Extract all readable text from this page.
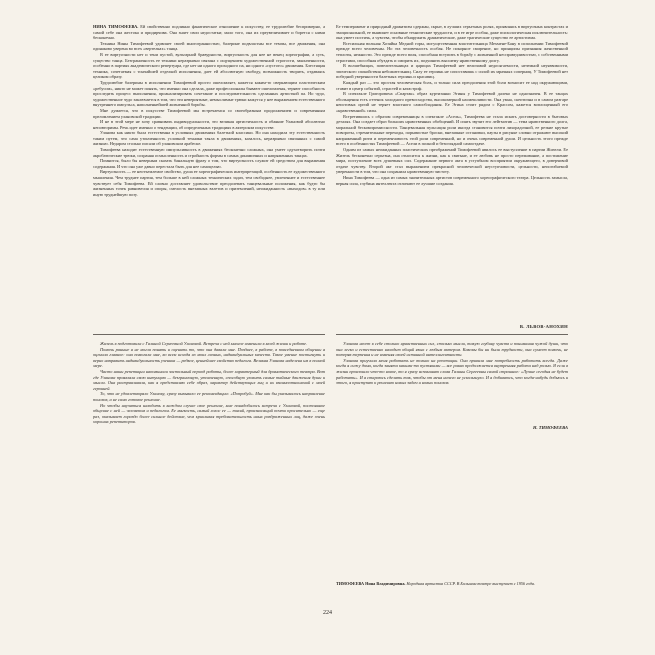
НИНА ТИМОФЕЕВА. Ей свойственно подлинно фанатическое отношение к искусству, ее трудолюбие беспримерно, а самой себе она жестока и придирчива. Она знает свои недостатки; мало того, она их преувеличивает и борется с ними бесконечно.

Техника Нины Тимофеевой удивляет своей многогранностью, балерине подвластны все темпы, все движения, она одинаково уверена во всех «вертелках» танца.

В ее виртуозности нет и тени пустой, вульгарной бравурности, виртуозность для нее не венец хореографии, а суть, существо танца. Безграничность ее техники неразрывно связана с ощущением художественной строгости, законченности, особенно в партиях академического репертуара, где нет ни одного проходного па, ни одного «пустого» движения. Блестящая техника, сочетаемая с тончайшей отделкой исполнения, дает ей абсолютную свободу, возможность творить, отдаваясь целиком образу.

Трудолюбие балерины в исполнении Тимофеевой просто ошеломляет, кажется каким-то сверкающим пластическим «ребусом», никто не может понять, что именно она сделала, даже профессионалы бывают ошеломлены, теряют способность проследить процесс выполнения, проанализировать сочетание и последовательность сделанных артисткой па. Но чудо, художественное чудо заключается в том, что эти невероятные, немыслимые трюки кажутся у нее выражением естественного внутреннего импульса, наполненнейшей жизненной борьбы.

Мне думается, что в искусстве Тимофеевой мы встречаемся со своеобразным продолжением и современным преломлением улановской традиции.

И не в этой мере не хочу сравнивать индивидуальности, это великая артистичность и обаяние Улановой абсолютно неповторимы. Речь идет именно о тенденции, об определенных традициях в актерском искусстве.

Уланова как никто была естественна в условных движениях балетной классики. Но она находила эту естественность таким путем, что сама утонченность условной техники таяла в движениях, казалось, неразрывно связанных с самой жизнью. Недаром столько писали об улановском арабеске.

Тимофеева находит естественную импульсивность в движениях бесконечно сложных, она умеет одухотворить почти акробатические трюки, сохраняя осмысленность и стройность формы в самых динамичных и напряженных танцах.

Помнится, было бы неверным сказать банальную фразу о том, что виртуозность служит ей средством для выражения содержания. И что она уже давно перестала быть для нее самоцелью.

Виртуозность — ее неотъемлемое свойство, душа ее хореографических интерпретаций, особенность ее художественного мышления. Чем труднее партия, тем больше в ней сложных технических задач, тем свободнее, увлеченнее и естественнее чувствует себя Тимофеева. Ей словно доставляет удовольствие преодолевать танцевальные положения, как будто бы жизненных точек равновесия и опоры, смелость внезапных взлетов и приземлений, неожиданность «выходов» в ту или иную труднейшую позу.

Ее темперамент и природный драматизм сдержан, скрыт, в лучших серьезных ролях, проявляясь в виртуозных контрастах и эмоциональной, ее выявляет основные технические трудности, и в ее игре особая, даже психологическая исключительность: она умеет постичь, а чувства, чтобы обнаружить драматические, даже трагические существо ее артистизма.

Всесильная вольная Хозяйка Медной горы, могущественная властительница Мехмене-Бану в исполнении Тимофеевой прежде всего человечны. Но эта человечность особая. Не покорное смирение, но принципы признания женственной теплоты, нежности. Это прежде всего воля, способная вступить в борьбу с жизненной несправедливостью, с собственными страстями, способная обуздать и смирить их, подчинить высшему нравственному долгу.

В волшебницах, повелительницах и царицах Тимофеевой нет величавой недосягаемости, неземной неуязвимости, эпического спокойствия небожительниц. Силу ее героинь не сопоставишь с силой их мрачных соперниц. У Тимофеевой нет победной уверенности балетных героинь и красавиц.

Каждый раз — это простая человеческая боль, и только сила преодоления этой боли возносит ее над окружающими, ставит в центр событий, страстей и катастроф.

В спектакле Григоровича «Спартак» образ куртизанки Эгины у Тимофеевой далеко не однозначен. В ее танцах обольщения есть оттенок холодного превосходства, высокомерной насмешливости. Она умна, скептична и в самом разгаре неистовых оргий не теряет властного самообладания. Ее Эгина стоит рядом с Крассом, кажется воплощенный его «нравственной» силы.

Встретившись с образом современницы в спектакле «Асель», Тимофеева не стала искать достоверности в бытовых деталях. Она создает образ больших нравственных обобщений. И опять звучит его лейтмотив — тема нравственного долга, моральной бескомпромиссности. Танцевальная пульсация роли иногда становится почти лихорадочной, ее резкие крутые повороты, стремительные переходы, порывистые броски, внезапные остановки, паузы в рисунке словно отражают высокий напряженный ритм и переменчивость этой роли современной, но и очень современной души. И цельность этого прежде всего в особенностях Тимофеевой — Асели в полной и безоглядной самоотдаче.

Одним из самых неожиданных пластических преображений Тимофеевой явилось ее выступление в партии Жизели. Ее Жизель бесконечно серьезна, она относится к жизни, как к святыне, и ее любовь не просто переживание, а постижение мира, поступление всех душевных сил. Содержание первого акта в уступбном восприятии окружающего, в доверчивой отдаче чувству. Второй акт стал выражением прекрасной человеческой неуступчивости, цельности, непогибаемой уверенности в том, что она сохранила нравственную чистоту.

Нина Тимофеева — одна из самых значительных артистов современного хореографического театра. Цельность замысла, верная сила, глубина интеллекта отличают ее лучшие создания.

В. ЛЬВОВ-АНОХИН

Жизель в подготовила с Галиной Сергеевной Улановой. Встреча с ней многое изменила в моей жизни и работе.

Помочь раньше я не могла понять и оценить то, что она давала мне. Позднее, в работе, в повседневном общении я оценила главное: она помогала мне, во всем исходя из моих личных, индивидуальных качеств. Такое умение постигнуть и верно направить индивидуальность ученика — редкое, ценнейшее свойство педагога. Великая Уланова наделена им в полной мере.

Часто наши репетиции напоминали застольный период работы, более характерный для драматического театра. Вот где Уланова проявляла свою интуицию — безграничную, утонченную, способную уловить самые тайные движения души и мысли. Она растравливала, как я представляю себе образ, характер действующих лиц и их взаимоотношений с моей героиней.

То, что не удовлетворяло Уланову, сразу вызывало ее рекомендации: «Попробуй». Мне как бы указывалось направление поисков, а не само готовое решение.

Но чтобы научаться находить в каждом случае свое решение, мне понадобилось встреча с Улановой, постоянное общение с ней — человеком и педагогом. Ее мягкость, самый голос ее — тихий, произносящий почти просительно — еще раз, оказывает гораздо более сильное действие, чем крикливая требовательность иных раздраженных лиц, даже очень хороших репетиторов.

Уланова несет в себе столько нравственных сил, столько мысли, такую глубину чувств и понимания чужой души, что она легко и естественно находит общий язык с любым актером. Каковы бы ни были трудности, она сумеет помочь, не потеряв терпения и не изменяя своей истинной интеллигентности.

Уланова приучила меня работать не только на репетиции. Она привила мне потребность работать всегда. Даже когда я сижу дома, когда занята какими-то пустяками — все равно продолжается внутренняя работа над ролью. Я если в жизни произошло что-то новое, то я сразу вспоминаю слова Галины Сергеевны самой страшное: «Лучше сегодня не будет работать». И я стараюсь сделать так, чтобы от меня ничего не ускользнуло. И я добиваюсь, что когда-нибудь добьюсь и этого, я приступаю к решению новых задач и новых поисков.

Н. ТИМОФЕЕВА
ТИМОФЕЕВА Нина Владимировна. Народная артистка СССР. В Большом театре выступает с 1956 года.
224
